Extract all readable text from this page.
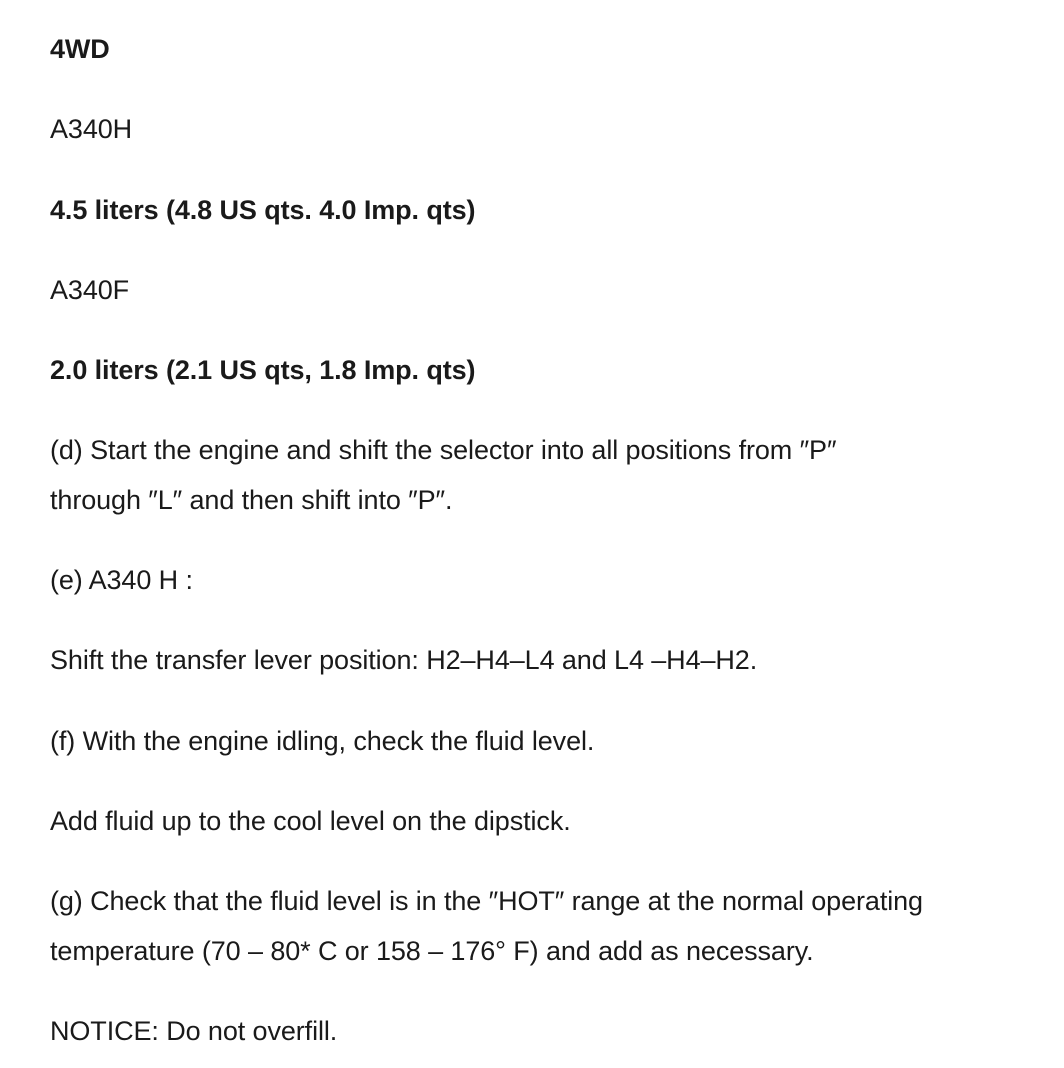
4WD
A340H
4.5 liters (4.8 US qts. 4.0 Imp. qts)
A340F
2.0 liters (2.1 US qts, 1.8 Imp. qts)
(d) Start the engine and shift the selector into all positions from ″P″
through ″L″ and then shift into ″P″.
(e) A340 H :
Shift the transfer lever position: H2–H4–L4 and L4 –H4–H2.
(f) With the engine idling, check the fluid level.
Add fluid up to the cool level on the dipstick.
(g) Check that the fluid level is in the ″HOT″ range at the normal operating
temperature (70 – 80* C or 158 – 176° F) and add as necessary.
NOTICE: Do not overfill.
